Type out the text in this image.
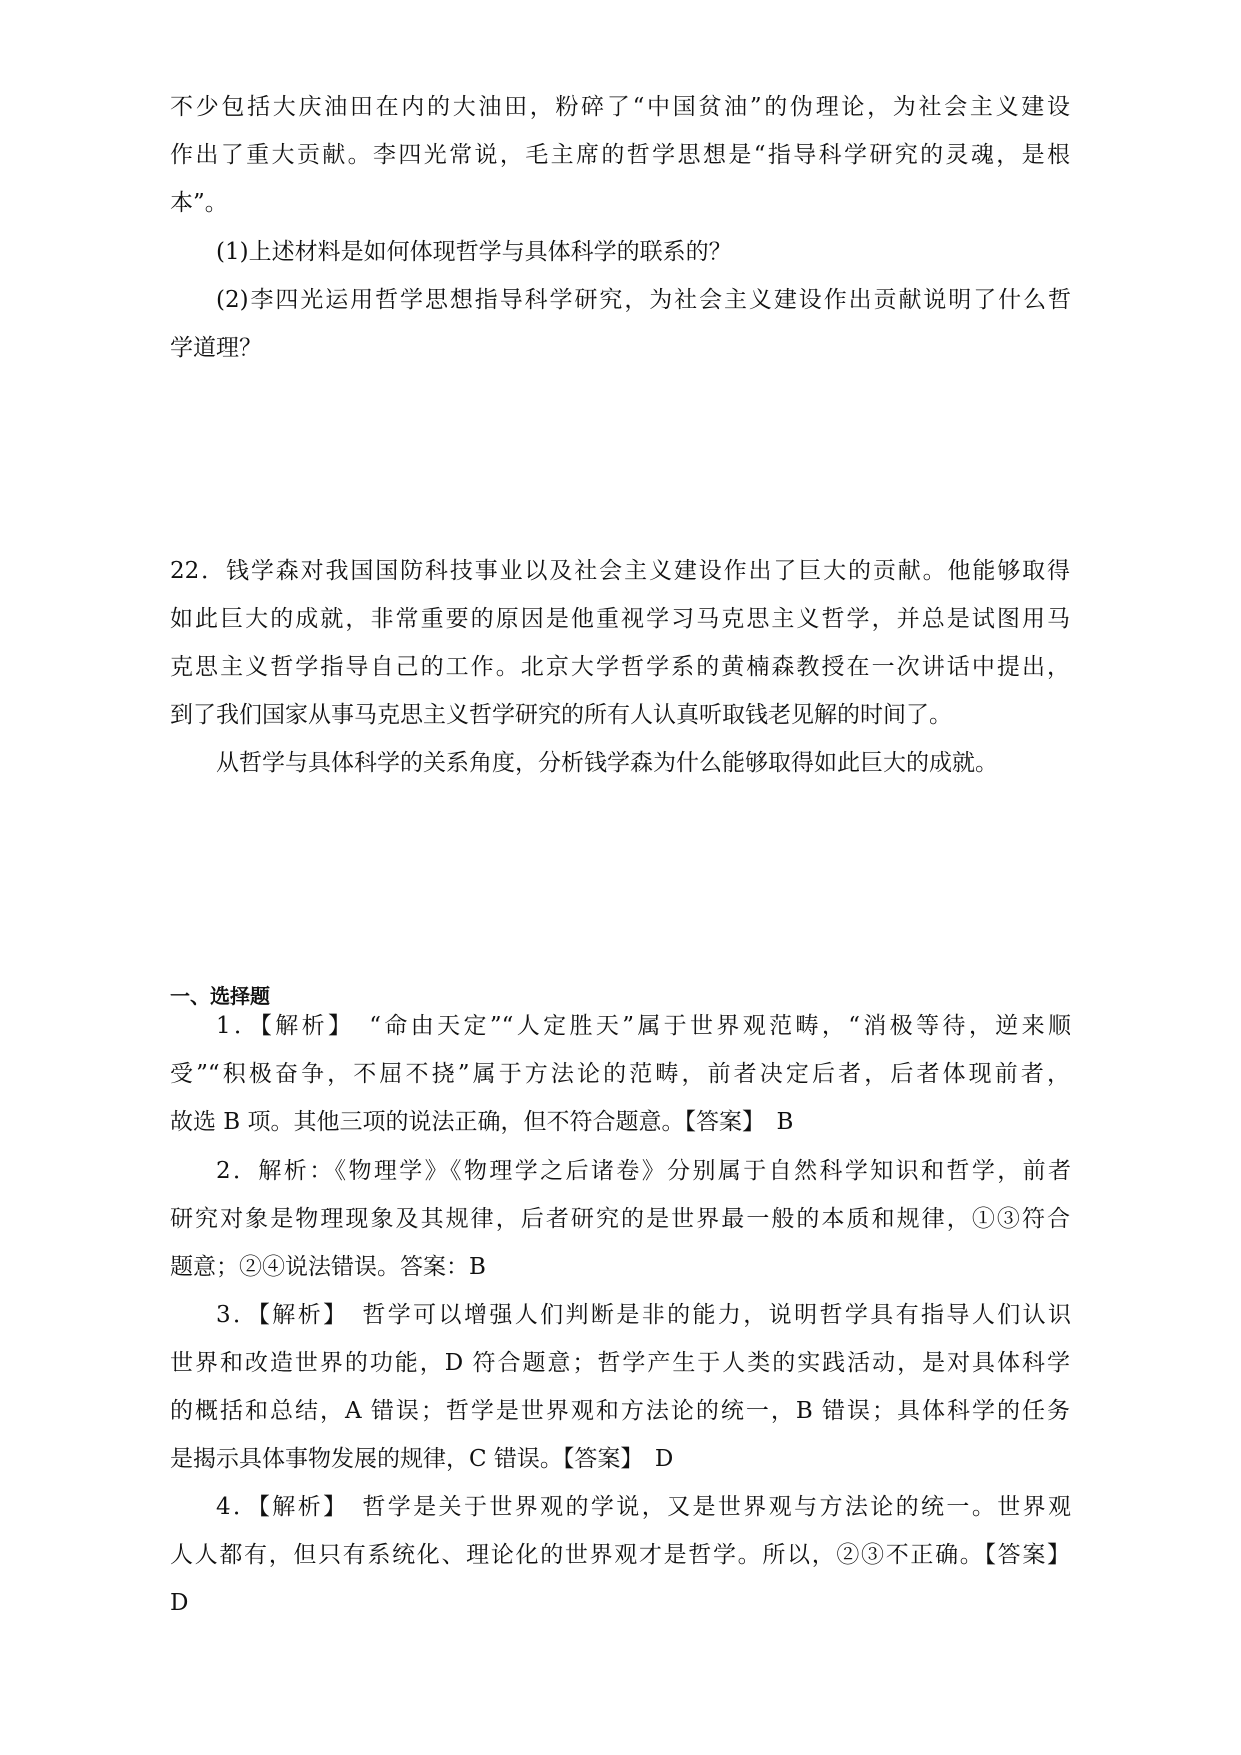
不少包括大庆油田在内的大油田，粉碎了“中国贫油”的伪理论，为社会主义建设
作出了重大贡献。李四光常说，毛主席的哲学思想是“指导科学研究的灵魂，是根
本”。
(1)上述材料是如何体现哲学与具体科学的联系的？
(2)李四光运用哲学思想指导科学研究，为社会主义建设作出贡献说明了什么哲
学道理？
22．钱学森对我国国防科技事业以及社会主义建设作出了巨大的贡献。他能够取得
如此巨大的成就，非常重要的原因是他重视学习马克思主义哲学，并总是试图用马
克思主义哲学指导自己的工作。北京大学哲学系的黄楠森教授在一次讲话中提出，
到了我们国家从事马克思主义哲学研究的所有人认真听取钱老见解的时间了。
从哲学与具体科学的关系角度，分析钱学森为什么能够取得如此巨大的成就。
一、选择题
1．【解析】　“命由天定”“人定胜天”属于世界观范畴，“消极等待，逆来顺
受”“积极奋争，不屈不挠”属于方法论的范畴，前者决定后者，后者体现前者，
故选 B 项。其他三项的说法正确，但不符合题意。【答案】　B
2．解析：《物理学》《物理学之后诸卷》分别属于自然科学知识和哲学，前者
研究对象是物理现象及其规律，后者研究的是世界最一般的本质和规律，①③符合
题意；②④说法错误。答案：B
3．【解析】　哲学可以增强人们判断是非的能力，说明哲学具有指导人们认识
世界和改造世界的功能，D 符合题意；哲学产生于人类的实践活动，是对具体科学
的概括和总结，A 错误；哲学是世界观和方法论的统一，B 错误；具体科学的任务
是揭示具体事物发展的规律，C 错误。【答案】　D
4．【解析】　哲学是关于世界观的学说，又是世界观与方法论的统一。世界观
人人都有，但只有系统化、理论化的世界观才是哲学。所以，②③不正确。【答案】
D
